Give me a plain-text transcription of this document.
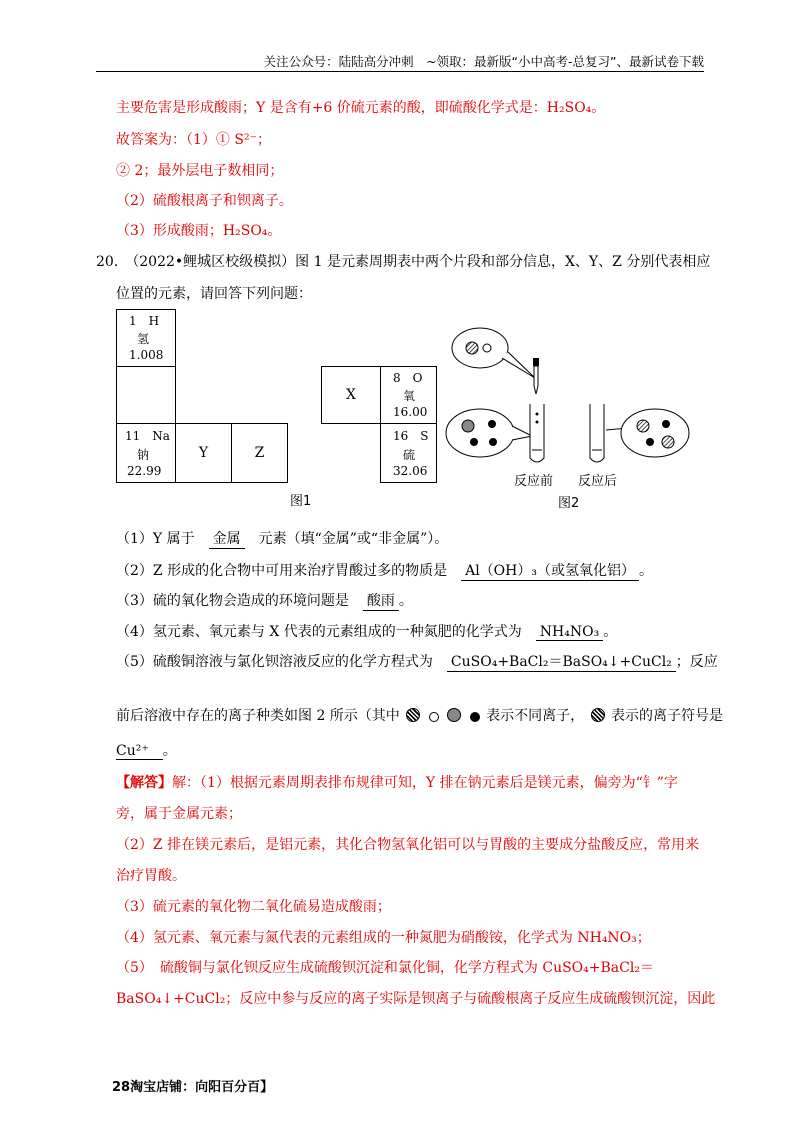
关注公众号：陆陆高分冲刺　~领取：最新版“小中高考-总复习”、最新试卷下载
主要危害是形成酸雨；Y 是含有+6 价硫元素的酸，即硫酸化学式是：H₂SO₄。
故答案为：（1）① S²⁻；
② 2；最外层电子数相同；
（2）硫酸根离子和钡离子。
（3）形成酸雨；H₂SO₄。
20.　（2022•鲤城区校级模拟）图 1 是元素周期表中两个片段和部分信息，X、Y、Z 分别代表相应
位置的元素，请回答下列问题：
1　H
氢
1.008
11　Na
钠
22.99
Y	Z
X
8　O
氧
16.00
16　S
硫
32.06
图1
反应前 反应后
图2
（1）Y 属于　金属　元素（填“金属”或“非金属”）。
（2）Z 形成的化合物中可用来治疗胃酸过多的物质是　Al（OH）₃（或氢氧化铝） 。
（3）硫的氧化物会造成的环境问题是　酸雨 。
（4）氢元素、氧元素与 X 代表的元素组成的一种氮肥的化学式为　NH₄NO₃ 。
（5）硫酸铜溶液与氯化钡溶液反应的化学方程式为　CuSO₄+BaCl₂＝BaSO₄↓+CuCl₂ ；反应
前后溶液中存在的离子种类如图 2 所示（其中	表示不同离子， 表示的离子符号是
Cu²⁺ 。
【解答】解：（1）根据元素周期表排布规律可知，Y 排在钠元素后是镁元素，偏旁为“钅”字
旁，属于金属元素；
（2）Z 排在镁元素后，是铝元素，其化合物氢氧化铝可以与胃酸的主要成分盐酸反应，常用来
治疗胃酸。
（3）硫元素的氧化物二氧化硫易造成酸雨；
（4）氢元素、氧元素与氮代表的元素组成的一种氮肥为硝酸铵，化学式为 NH₄NO₃；
（5）　硫酸铜与氯化钡反应生成硫酸钡沉淀和氯化铜，化学方程式为 CuSO₄+BaCl₂＝
BaSO₄↓+CuCl₂；反应中参与反应的离子实际是钡离子与硫酸根离子反应生成硫酸钡沉淀，因此
28淘宝店铺：向阳百分百】
